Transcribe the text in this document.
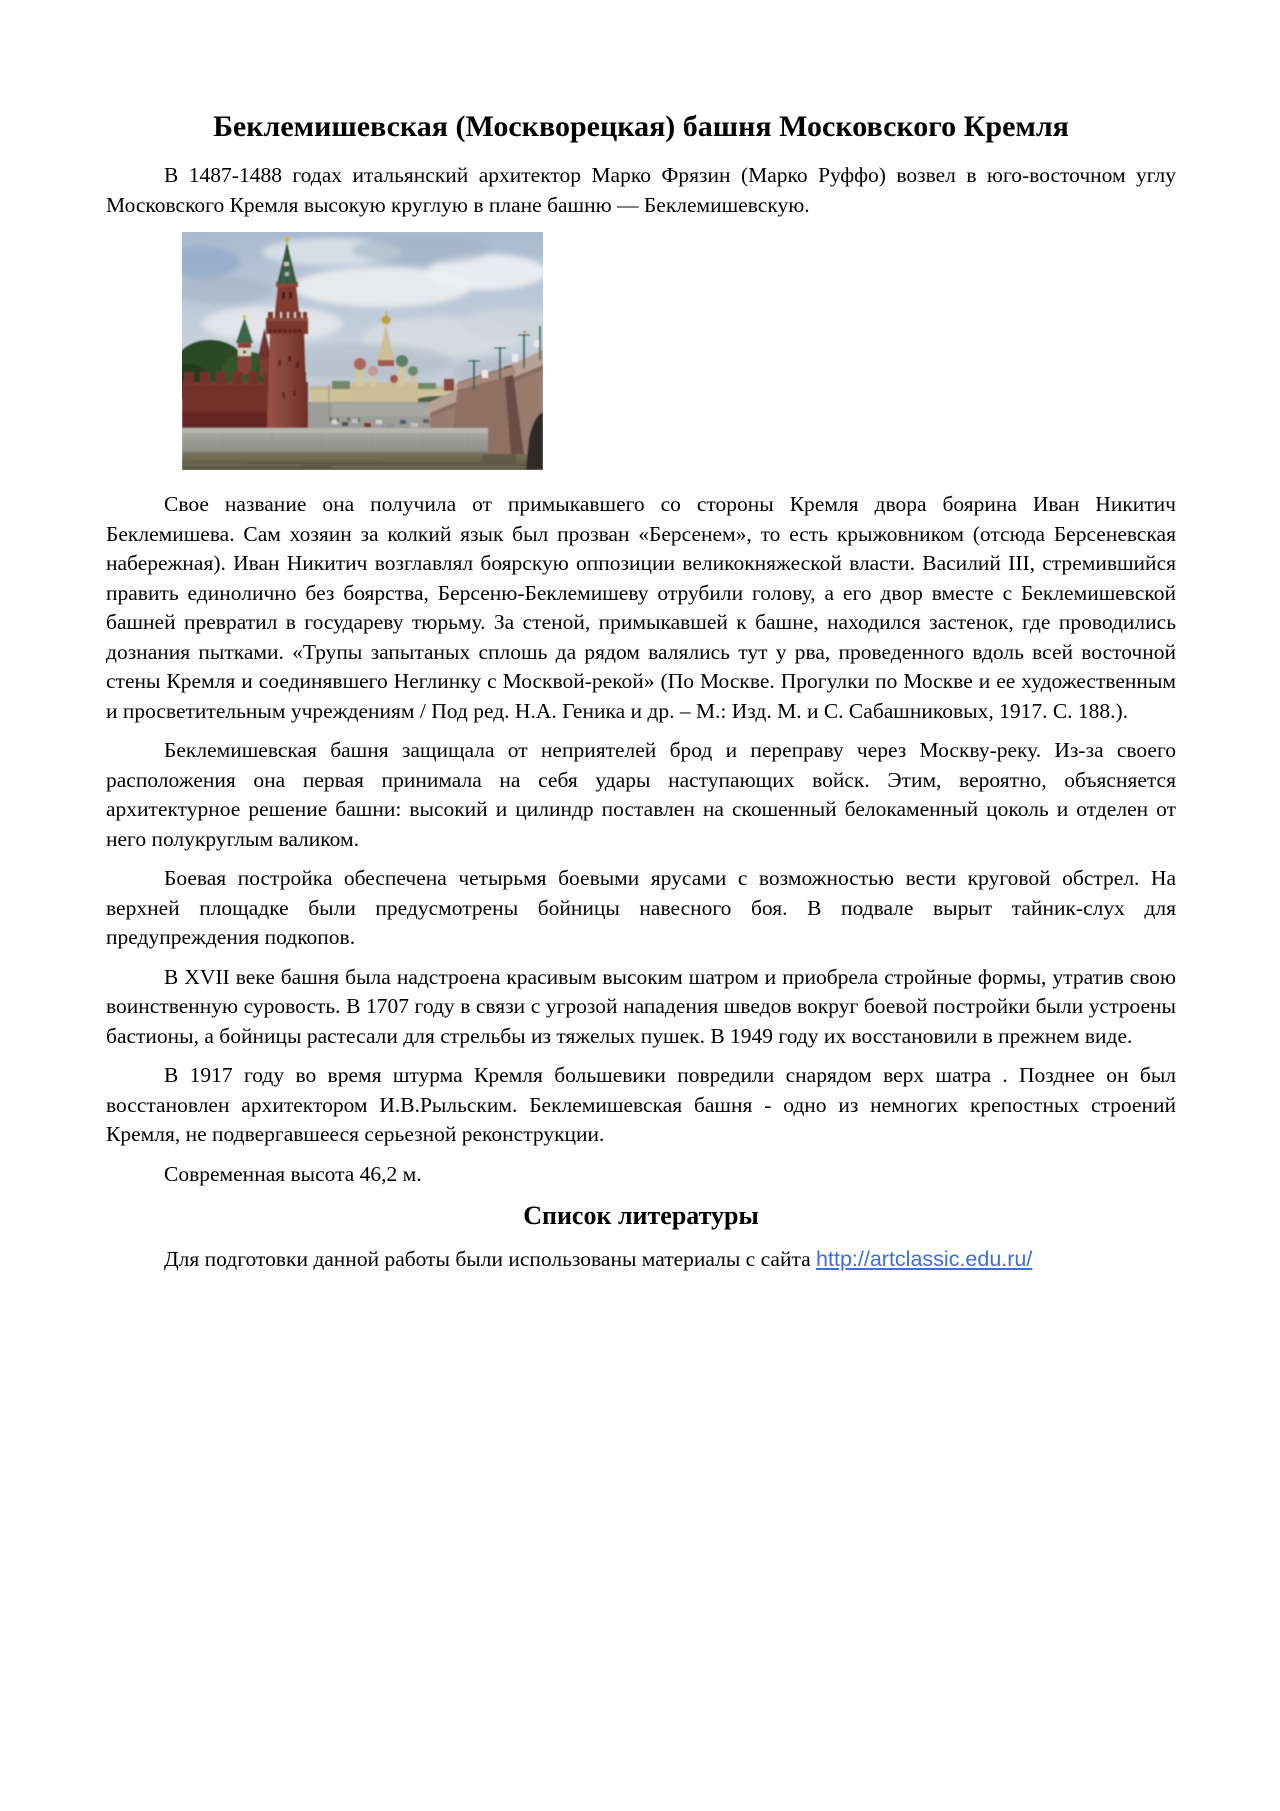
Беклемишевская (Москворецкая) башня Московского Кремля

В 1487-1488 годах итальянский архитектор Марко Фрязин (Марко Руффо) возвел в юго-восточном углу Московского Кремля высокую круглую в плане башню — Беклемишевскую.

Свое название она получила от примыкавшего со стороны Кремля двора боярина Иван Никитич Беклемишева. Сам хозяин за колкий язык был прозван «Берсенем», то есть крыжовником (отсюда Берсеневская набережная). Иван Никитич возглавлял боярскую оппозиции великокняжеской власти. Василий III, стремившийся править единолично без боярства, Берсеню-Беклемишеву отрубили голову, а его двор вместе с Беклемишевской башней превратил в государеву тюрьму. За стеной, примыкавшей к башне, находился застенок, где проводились дознания пытками. «Трупы запытаных сплошь да рядом валялись тут у рва, проведенного вдоль всей восточной стены Кремля и соединявшего Неглинку с Москвой-рекой» (По Москве. Прогулки по Москве и ее художественным и просветительным учреждениям / Под ред. Н.А. Геника и др. – М.: Изд. М. и С. Сабашниковых, 1917. С. 188.).

Беклемишевская башня защищала от неприятелей брод и переправу через Москву-реку. Из-за своего расположения она первая принимала на себя удары наступающих войск. Этим, вероятно, объясняется архитектурное решение башни: высокий и цилиндр поставлен на скошенный белокаменный цоколь и отделен от него полукруглым валиком.

Боевая постройка обеспечена четырьмя боевыми ярусами с возможностью вести круговой обстрел. На верхней площадке были предусмотрены бойницы навесного боя. В подвале вырыт тайник-слух для предупреждения подкопов.

В XVII веке башня была надстроена красивым высоким шатром и приобрела стройные формы, утратив свою воинственную суровость. В 1707 году в связи с угрозой нападения шведов вокруг боевой постройки были устроены бастионы, а бойницы растесали для стрельбы из тяжелых пушек. В 1949 году их восстановили в прежнем виде.

В 1917 году во время штурма Кремля большевики повредили снарядом верх шатра . Позднее он был восстановлен архитектором И.В.Рыльским. Беклемишевская башня - одно из немногих крепостных строений Кремля, не подвергавшееся серьезной реконструкции.

Современная высота 46,2 м.

Список литературы

Для подготовки данной работы были использованы материалы с сайта http://artclassic.edu.ru/
